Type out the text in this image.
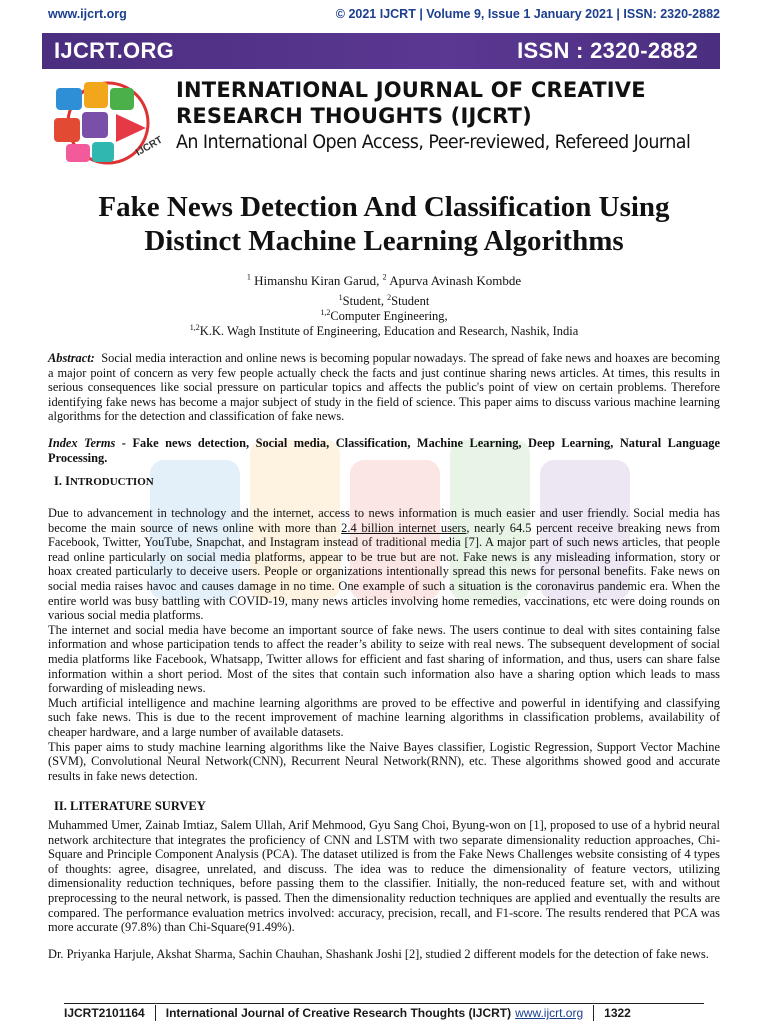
www.ijcrt.org	© 2021 IJCRT | Volume 9, Issue 1 January 2021 | ISSN: 2320-2882
IJCRT.ORG	ISSN : 2320-2882
IJCRT
INTERNATIONAL JOURNAL OF CREATIVE
RESEARCH THOUGHTS (IJCRT)
An International Open Access, Peer-reviewed, Refereed Journal
Fake News Detection And Classification Using
Distinct Machine Learning Algorithms
$^1$ Himanshu Kiran Garud, $^2$ Apurva Avinash Kombde
$^1$Student, $^2$Student
$^{1,2}$Computer Engineering,
$^{1,2}$K.K. Wagh Institute of Engineering, Education and Research, Nashik, India

Abstract: Social media interaction and online news is becoming popular nowadays. The spread of fake news and hoaxes are becoming a major point of concern as very few people actually check the facts and just continue sharing news articles. At times, this results in serious consequences like social pressure on particular topics and affects the public's point of view on certain problems. Therefore identifying fake news has become a major subject of study in the field of science. This paper aims to discuss various machine learning algorithms for the detection and classification of fake news.

Index Terms - Fake news detection, Social media, Classification, Machine Learning, Deep Learning, Natural Language Processing.

I. INTRODUCTION

Due to advancement in technology and the internet, access to news information is much easier and user friendly. Social media has become the main source of news online with more than 2.4 billion internet users, nearly 64.5 percent receive breaking news from Facebook, Twitter, YouTube, Snapchat, and Instagram instead of traditional media [7]. A major part of such news articles, that people read online particularly on social media platforms, appear to be true but are not. Fake news is any misleading information, story or hoax created particularly to deceive users. People or organizations intentionally spread this news for personal benefits. Fake news on social media raises havoc and causes damage in no time. One example of such a situation is the coronavirus pandemic era. When the entire world was busy battling with COVID-19, many news articles involving home remedies, vaccinations, etc were doing rounds on various social media platforms.

The internet and social media have become an important source of fake news. The users continue to deal with sites containing false information and whose participation tends to affect the reader’s ability to seize with real news. The subsequent development of social media platforms like Facebook, Whatsapp, Twitter allows for efficient and fast sharing of information, and thus, users can share false information within a short period. Most of the sites that contain such information also have a sharing option which leads to mass forwarding of misleading news.

Much artificial intelligence and machine learning algorithms are proved to be effective and powerful in identifying and classifying such fake news. This is due to the recent improvement of machine learning algorithms in classification problems, availability of cheaper hardware, and a large number of available datasets.

This paper aims to study machine learning algorithms like the Naive Bayes classifier, Logistic Regression, Support Vector Machine (SVM), Convolutional Neural Network(CNN), Recurrent Neural Network(RNN), etc. These algorithms showed good and accurate results in fake news detection.

II. LITERATURE SURVEY

Muhammed Umer, Zainab Imtiaz, Salem Ullah, Arif Mehmood, Gyu Sang Choi, Byung-won on [1], proposed to use of a hybrid neural network architecture that integrates the proficiency of CNN and LSTM with two separate dimensionality reduction approaches, Chi-Square and Principle Component Analysis (PCA). The dataset utilized is from the Fake News Challenges website consisting of 4 types of thoughts: agree, disagree, unrelated, and discuss. The idea was to reduce the dimensionality of feature vectors, utilizing dimensionality reduction techniques, before passing them to the classifier. Initially, the non-reduced feature set, with and without preprocessing to the neural network, is passed. Then the dimensionality reduction techniques are applied and eventually the results are compared. The performance evaluation metrics involved: accuracy, precision, recall, and F1-score. The results rendered that PCA was more accurate (97.8%) than Chi-Square(91.49%).

Dr. Priyanka Harjule, Akshat Sharma, Sachin Chauhan, Shashank Joshi [2], studied 2 different models for the detection of fake news.

IJCRT2101164 International Journal of Creative Research Thoughts (IJCRT) www.ijcrt.org 1322
